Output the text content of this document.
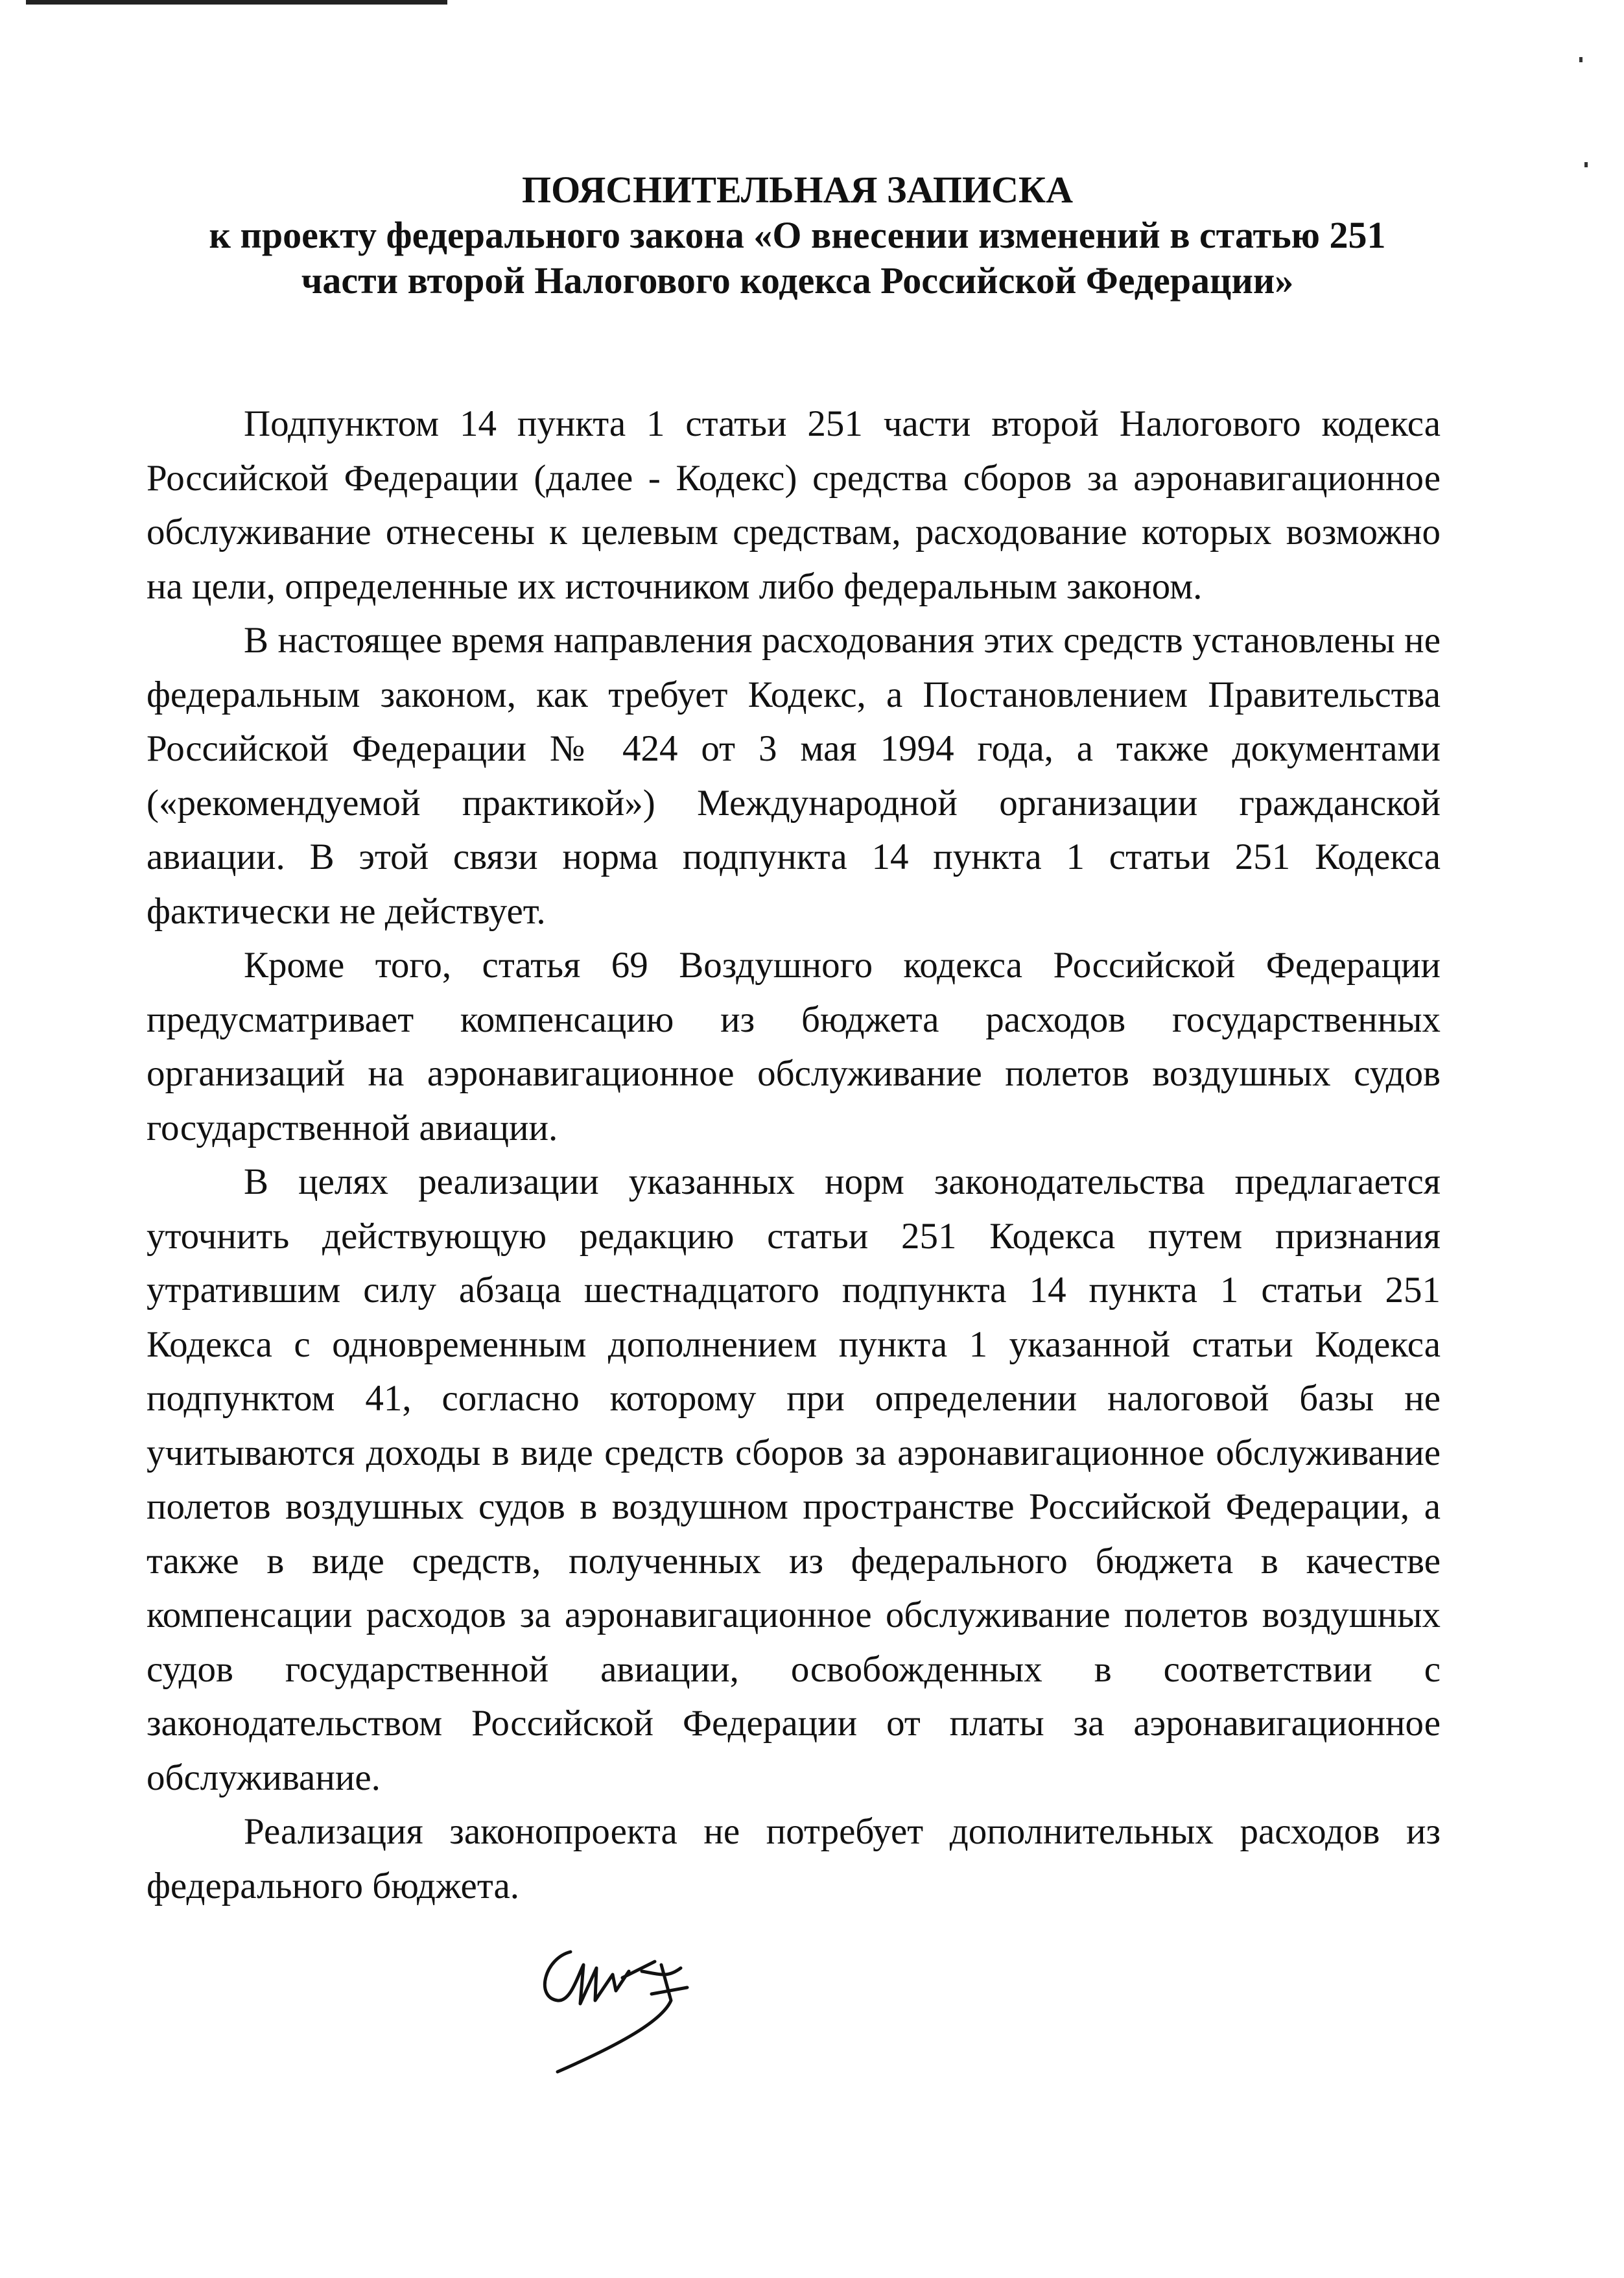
ПОЯСНИТЕЛЬНАЯ ЗАПИСКА
к проекту федерального закона «О внесении изменений в статью 251
части второй Налогового кодекса Российской Федерации»

Подпунктом 14 пункта 1 статьи 251 части второй Налогового кодекса Российской Федерации (далее - Кодекс) средства сборов за аэронавигационное обслуживание отнесены к целевым средствам, расходование которых возможно на цели, определенные их источником либо федеральным законом.

В настоящее время направления расходования этих средств установлены не федеральным законом, как требует Кодекс, а Постановлением Правительства Российской Федерации № 424 от 3 мая 1994 года, а также документами («рекомендуемой практикой») Международной организации гражданской авиации. В этой связи норма подпункта 14 пункта 1 статьи 251 Кодекса фактически не действует.

Кроме того, статья 69 Воздушного кодекса Российской Федерации предусматривает компенсацию из бюджета расходов государственных организаций на аэронавигационное обслуживание полетов воздушных судов государственной авиации.

В целях реализации указанных норм законодательства предлагается уточнить действующую редакцию статьи 251 Кодекса путем признания утратившим силу абзаца шестнадцатого подпункта 14 пункта 1 статьи 251 Кодекса с одновременным дополнением пункта 1 указанной статьи Кодекса подпунктом 41, согласно которому при определении налоговой базы не учитываются доходы в виде средств сборов за аэронавигационное обслуживание полетов воздушных судов в воздушном пространстве Российской Федерации, а также в виде средств, полученных из федерального бюджета в качестве компенсации расходов за аэронавигационное обслуживание полетов воздушных судов государственной авиации, освобожденных в соответствии с законодательством Российской Федерации от платы за аэронавигационное обслуживание.

Реализация законопроекта не потребует дополнительных расходов из федерального бюджета.
